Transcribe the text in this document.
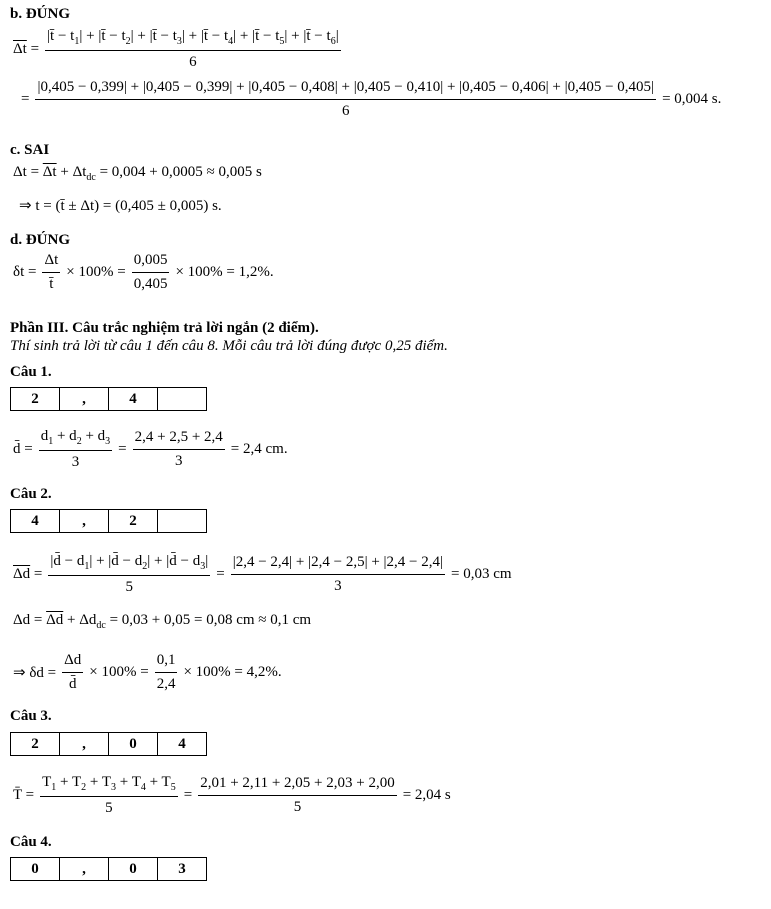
b. ĐÚNG
$\overline{\Delta t}$ =
|t̄ − $t_1|$ + |t̄ − $t_2|$ + |t̄ − $t_3|$ + |t̄ − $t_4|$ + |t̄ − $t_5|$ + |t̄ − $t_6|$
6
=
|0,405 − 0,399| + |0,405 − 0,399| + |0,405 − 0,408| + |0,405 − 0,410| + |0,405 − 0,406| + |0,405 − 0,405|
6
= 0,004 s.
c. SAI
$\Delta t = \overline{\Delta t} + \Delta t_{dc} = 0,004 + 0,0005 \approx 0,005$ s
⇒ t = (t̄ ± Δt) = (0,405 ± 0,005) s.
d. ĐÚNG
$\delta t = \frac{\Delta t}{t̄} \times 100\% = \frac{0,005}{0,405} \times 100\% = 1,2\%$.
Phần III. Câu trắc nghiệm trả lời ngắn (2 điểm).
Thí sinh trả lời từ câu 1 đến câu 8. Mỗi câu trả lời đúng được 0,25 điểm.
Câu 1.
2	,	4
d̄ = $\frac{d_1 + d_2 + d_3}{3} = \frac{2,4 + 2,5 + 2,4}{3} = 2,4$ cm.
Câu 2.
4	,	2
$\overline{\Delta d} = \frac{|d̄ - d_1| + |d̄ - d_2| + |d̄ - d_3|}{5} = \frac{|2,4 - 2,4| + |2,4 - 2,5| + |2,4 - 2,4|}{3} = 0,03$ cm
$\Delta d = \overline{\Delta d} + \Delta d_{dc} = 0,03 + 0,05 = 0,08$ cm ≈ 0,1 cm
⇒ $\delta d = \frac{\Delta d}{d̄} \times 100\% = \frac{0,1}{2,4} \times 100\% = 4,2\%$.
Câu 3.
2	,	0	4
T̄ = $\frac{T_1 + T_2 + T_3 + T_4 + T_5}{5} = \frac{2,01 + 2,11 + 2,05 + 2,03 + 2,00}{5} = 2,04$ s
Câu 4.
0	,	0	3
